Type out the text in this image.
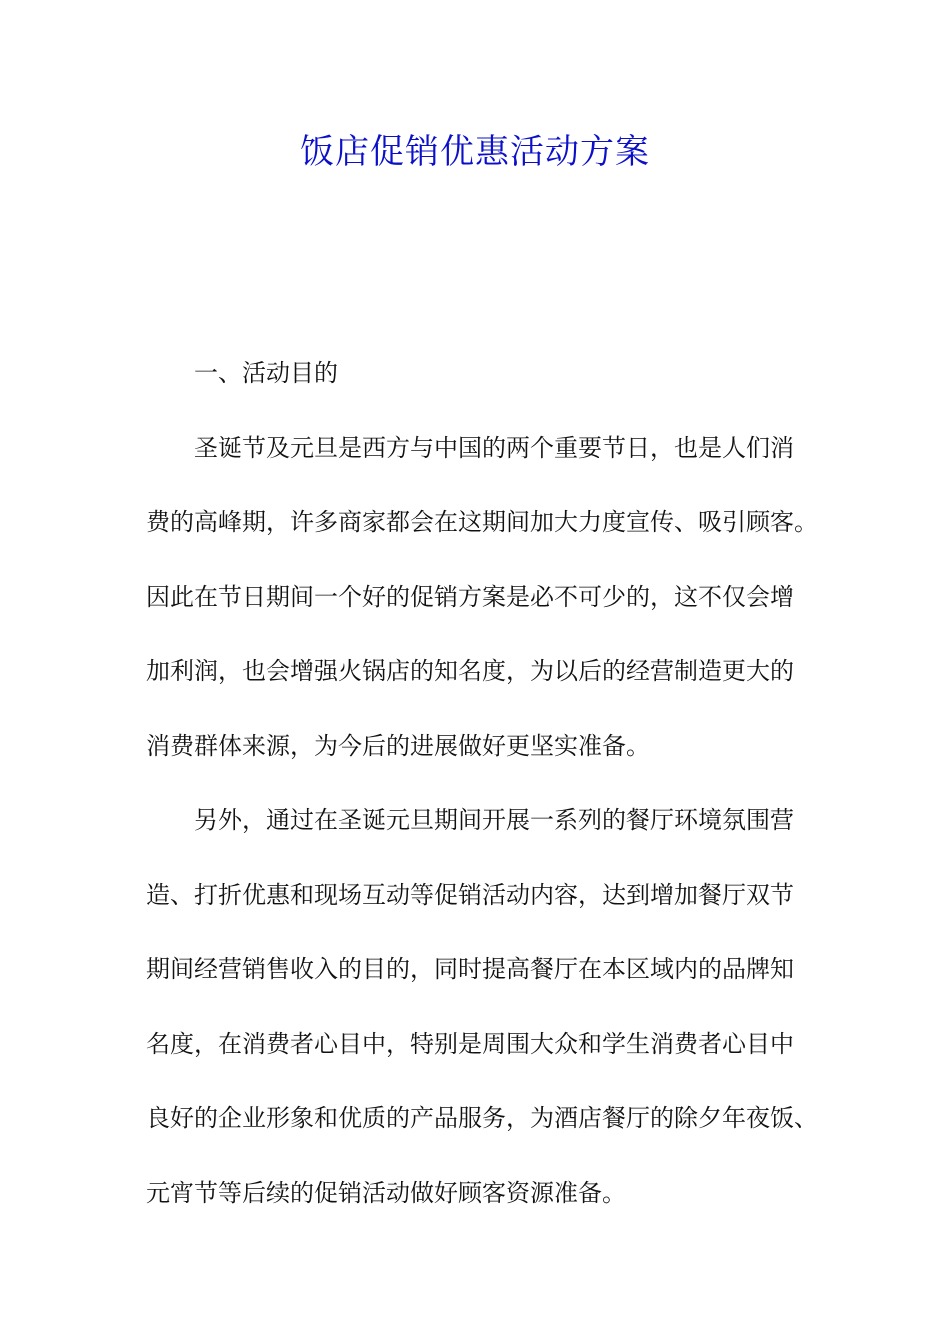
饭店促销优惠活动方案
一、活动目的
圣诞节及元旦是西方与中国的两个重要节日，也是人们消
费的高峰期，许多商家都会在这期间加大力度宣传、吸引顾客。
因此在节日期间一个好的促销方案是必不可少的，这不仅会增
加利润，也会增强火锅店的知名度，为以后的经营制造更大的
消费群体来源，为今后的进展做好更坚实准备。
另外，通过在圣诞元旦期间开展一系列的餐厅环境氛围营
造、打折优惠和现场互动等促销活动内容，达到增加餐厅双节
期间经营销售收入的目的，同时提高餐厅在本区域内的品牌知
名度，在消费者心目中，特别是周围大众和学生消费者心目中
良好的企业形象和优质的产品服务，为酒店餐厅的除夕年夜饭、
元宵节等后续的促销活动做好顾客资源准备。
